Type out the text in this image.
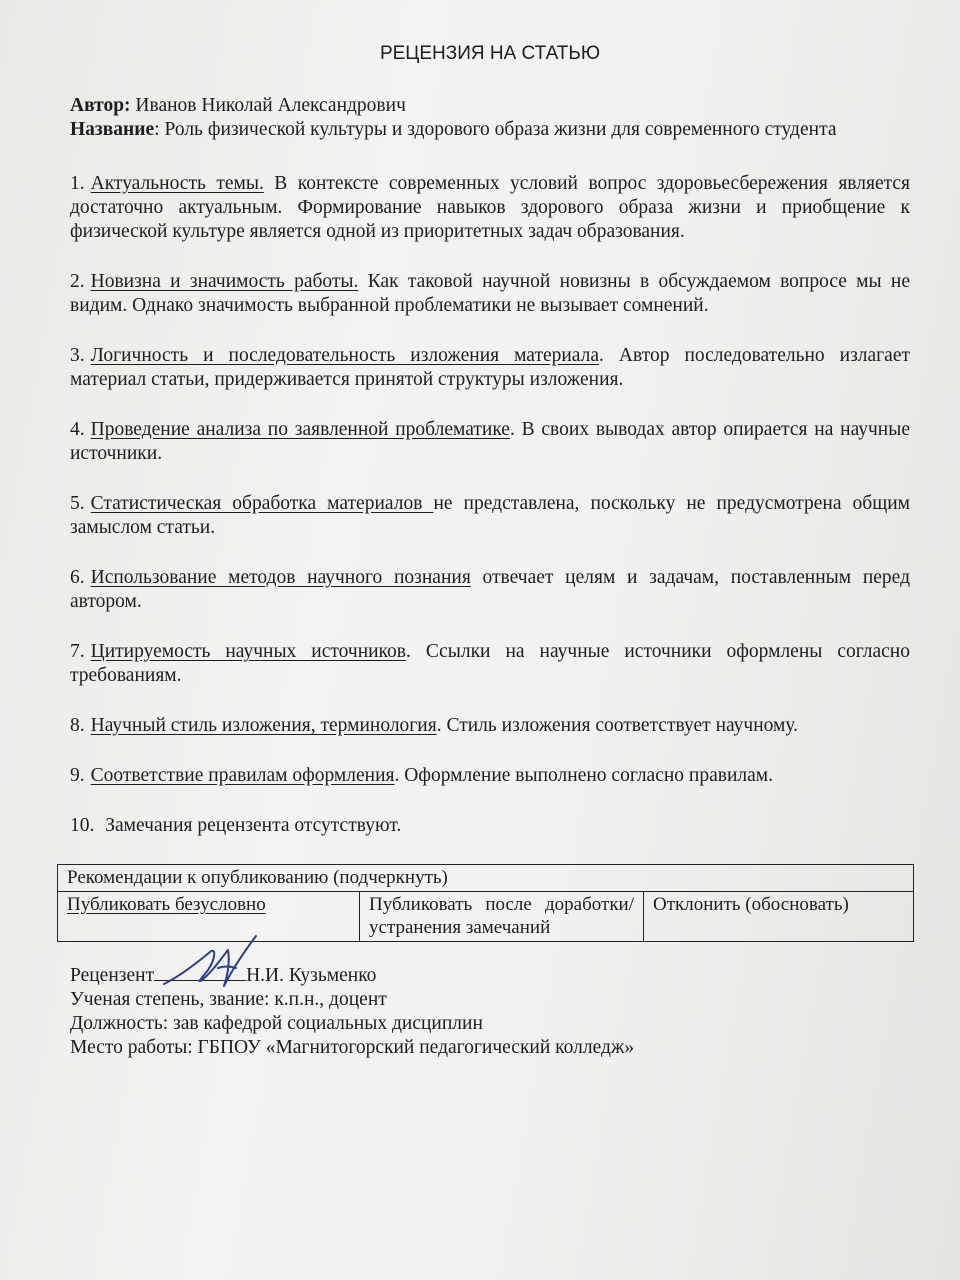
РЕЦЕНЗИЯ НА СТАТЬЮ
Автор: Иванов Николай Александрович
Название: Роль физической культуры и здорового образа жизни для современного студента

1. Актуальность темы. В контексте современных условий вопрос здоровьесбережения является достаточно актуальным. Формирование навыков здорового образа жизни и приобщение к физической культуре является одной из приоритетных задач образования.

2. Новизна и значимость работы. Как таковой научной новизны в обсуждаемом вопросе мы не видим. Однако значимость выбранной проблематики не вызывает сомнений.

3. Логичность и последовательность изложения материала. Автор последовательно излагает материал статьи, придерживается принятой структуры изложения.

4. Проведение анализа по заявленной проблематике. В своих выводах автор опирается на научные источники.

5. Статистическая обработка материалов не представлена, поскольку не предусмотрена общим замыслом статьи.

6. Использование методов научного познания отвечает целям и задачам, поставленным перед автором.

7. Цитируемость научных источников. Ссылки на научные источники оформлены согласно требованиям.

8. Научный стиль изложения, терминология. Стиль изложения соответствует научному.

9. Соответствие правилам оформления. Оформление выполнено согласно правилам.

10. Замечания рецензента отсутствуют.

Рекомендации к опубликованию (подчеркнуть)
Публиковать безусловно	Публиковать после доработки/устранения замечаний	Отклонить (обосновать)
Рецензент	Н.И. Кузьменко
Ученая степень, звание: к.п.н., доцент
Должность: зав кафедрой социальных дисциплин
Место работы: ГБПОУ «Магнитогорский педагогический колледж»
